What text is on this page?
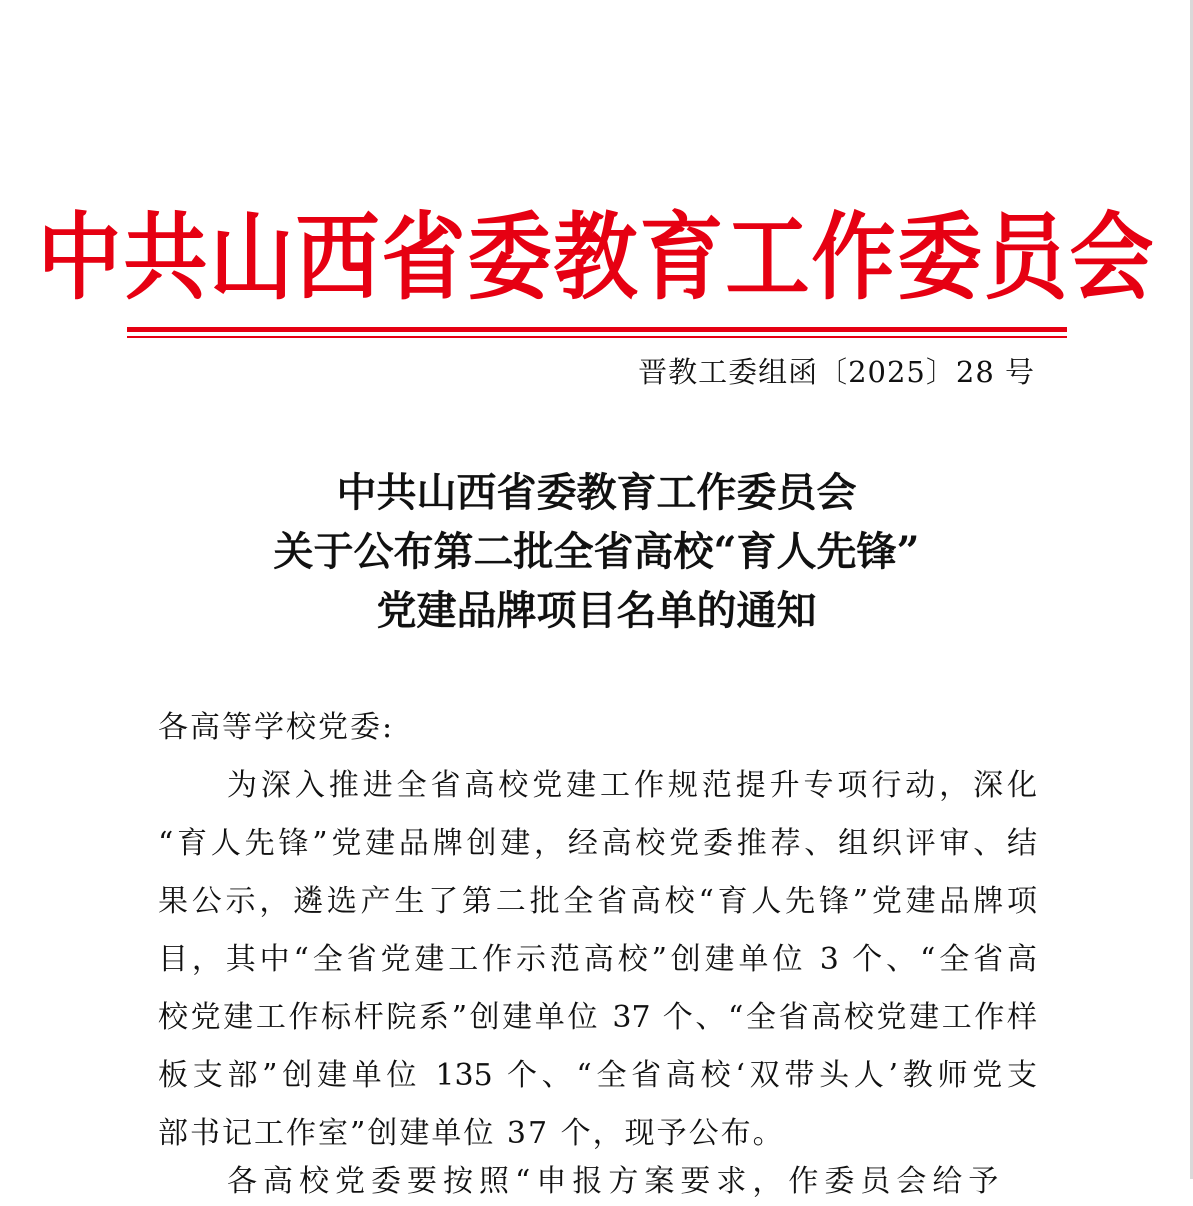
中共山西省委教育工作委员会
晋教工委组函〔2025〕28 号
中共山西省委教育工作委员会
关于公布第二批全省高校“育人先锋”
党建品牌项目名单的通知
各高等学校党委:
为深入推进全省高校党建工作规范提升专项行动，深化
“育人先锋”党建品牌创建，经高校党委推荐、组织评审、结
果公示，遴选产生了第二批全省高校“育人先锋”党建品牌项
目，其中“全省党建工作示范高校”创建单位 3 个、“全省高
校党建工作标杆院系”创建单位 37 个、“全省高校党建工作样
板支部”创建单位 135 个、“全省高校‘双带头人’教师党支
部书记工作室”创建单位 37 个，现予公布。
各高校党委要按照“申报方案要求，作委员会给予
